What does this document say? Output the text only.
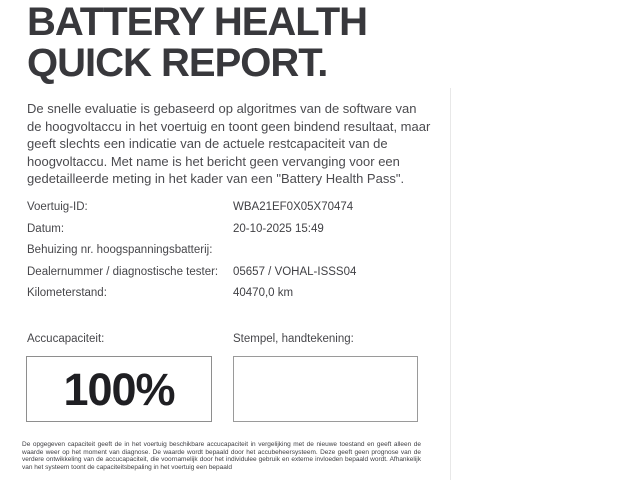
BATTERY HEALTH
QUICK REPORT.
De snelle evaluatie is gebaseerd op algoritmes van de software van de hoogvoltaccu in het voertuig en toont geen bindend resultaat, maar geeft slechts een indicatie van de actuele restcapaciteit van de hoogvoltaccu. Met name is het bericht geen vervanging voor een gedetailleerde meting in het kader van een "Battery Health Pass".
Voertuig-ID:	WBA21EF0X05X70474
Datum:	20-10-2025 15:49
Behuizing nr. hoogspanningsbatterij:
Dealernummer / diagnostische tester:	05657 / VOHAL-ISSS04
Kilometerstand:	40470,0 km
Accucapaciteit:	Stempel, handtekening:
100%
De opgegeven capaciteit geeft de in het voertuig beschikbare accucapaciteit in vergelijking met de nieuwe toestand en geeft alleen de waarde weer op het moment van diagnose. De waarde wordt bepaald door het accubeheersysteem. Deze geeft geen prognose van de verdere ontwikkeling van de accucapaciteit, die voornamelijk door het individulee gebruik en externe invloeden bepaald wordt. Afhankelijk van het systeem toont de capaciteitsbepaling in het voertuig een bepaald
